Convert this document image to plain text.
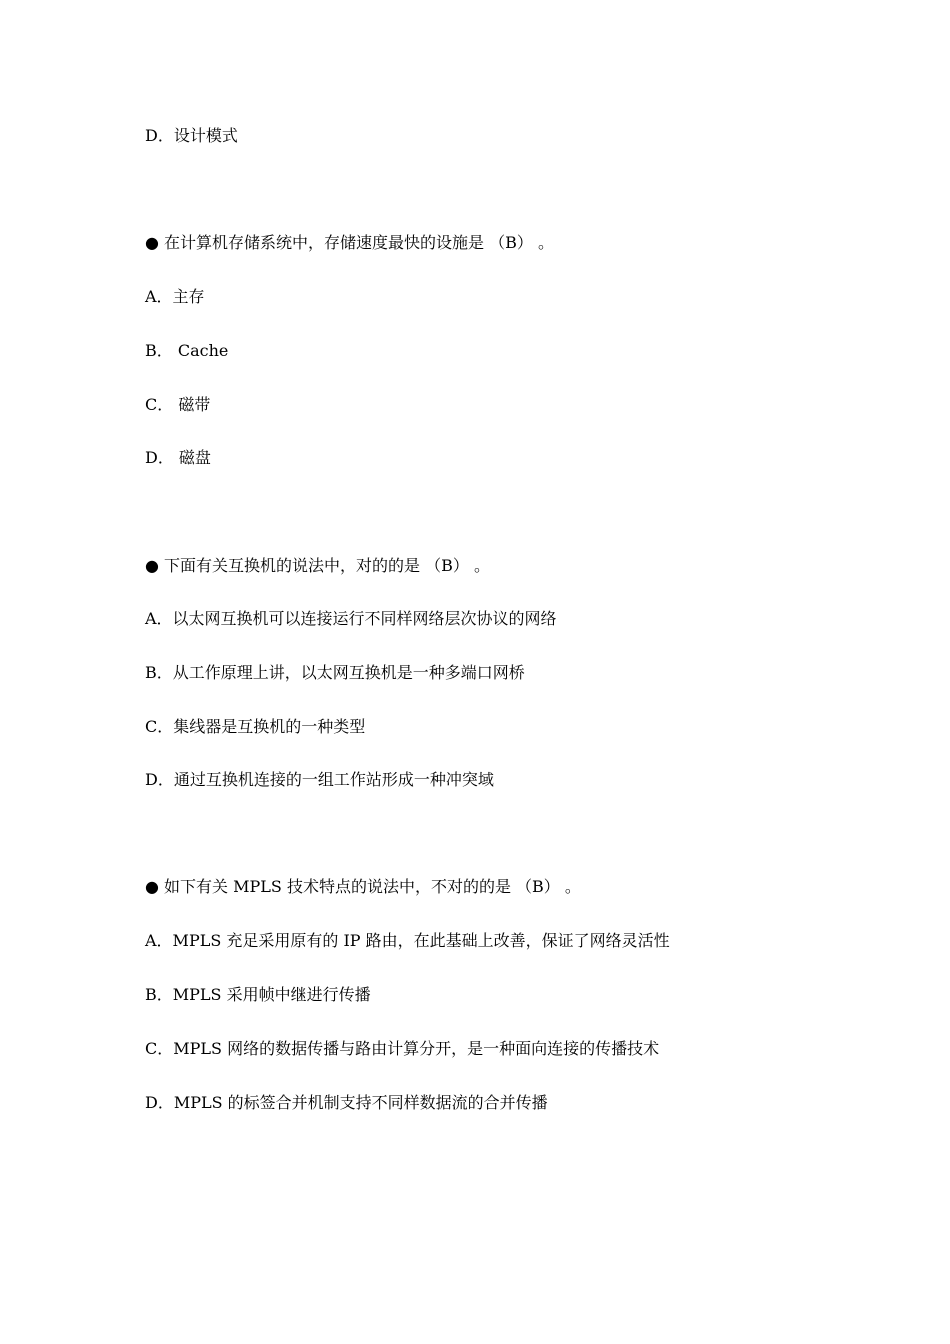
D．设计模式
● 在计算机存储系统中，存储速度最快的设施是 （B） 。
A．主存
B． Cache
C． 磁带
D． 磁盘
● 下面有关互换机的说法中，对的的是 （B） 。
A．以太网互换机可以连接运行不同样网络层次协议的网络
B．从工作原理上讲，以太网互换机是一种多端口网桥
C．集线器是互换机的一种类型
D．通过互换机连接的一组工作站形成一种冲突域
● 如下有关 MPLS 技术特点的说法中，不对的的是 （B） 。
A．MPLS 充足采用原有的 IP 路由，在此基础上改善，保证了网络灵活性
B．MPLS 采用帧中继进行传播
C．MPLS 网络的数据传播与路由计算分开，是一种面向连接的传播技术
D．MPLS 的标签合并机制支持不同样数据流的合并传播
